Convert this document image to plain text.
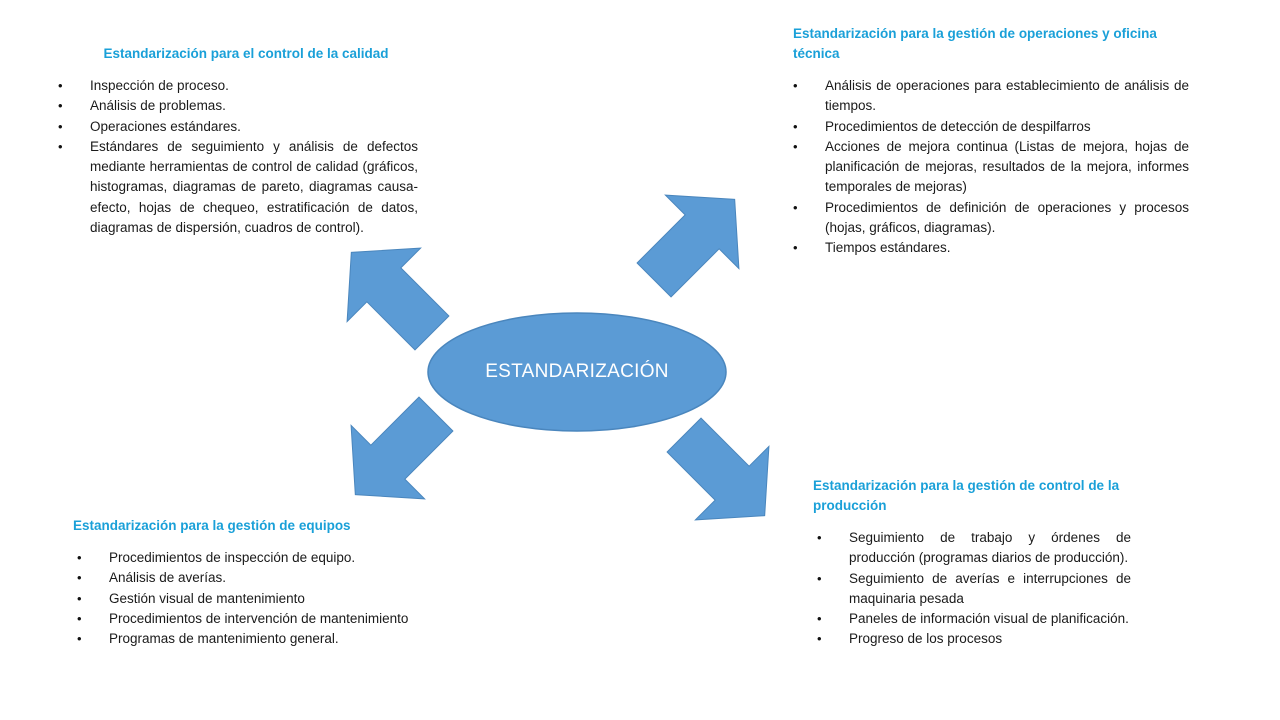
ESTANDARIZACIÓN
Estandarización para el control de la calidad
• Inspección de proceso.
• Análisis de problemas.
• Operaciones estándares.
• Estándares de seguimiento y análisis de defectos mediante herramientas de control de calidad (gráficos, histogramas, diagramas de pareto, diagramas causa-efecto, hojas de chequeo, estratificación de datos, diagramas de dispersión, cuadros de control).
Estandarización para la gestión de operaciones y oficina técnica
• Análisis de operaciones para establecimiento de análisis de tiempos.
• Procedimientos de detección de despilfarros
• Acciones de mejora continua (Listas de mejora, hojas de planificación de mejoras, resultados de la mejora, informes temporales de mejoras)
• Procedimientos de definición de operaciones y procesos (hojas, gráficos, diagramas).
• Tiempos estándares.
Estandarización para la gestión de equipos
• Procedimientos de inspección de equipo.
• Análisis de averías.
• Gestión visual de mantenimiento
• Procedimientos de intervención de mantenimiento
• Programas de mantenimiento general.
Estandarización para la gestión de control de la producción
• Seguimiento de trabajo y órdenes de producción (programas diarios de producción).
• Seguimiento de averías e interrupciones de maquinaria pesada
• Paneles de información visual de planificación.
• Progreso de los procesos
